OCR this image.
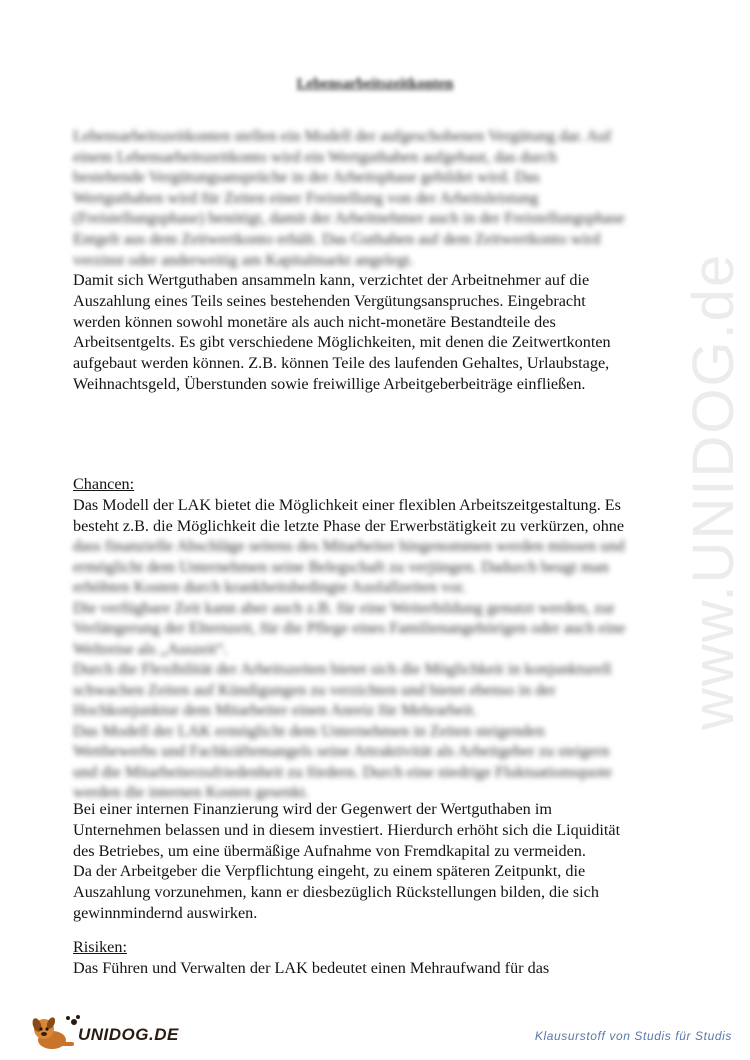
www.UNIDOG.de
Lebensarbeitszeitkonten
Lebensarbeitszeitkonten stellen ein Modell der aufgeschobenen Vergütung dar. Auf
einem Lebensarbeitszeitkonto wird ein Wertguthaben aufgebaut, das durch
bestehende Vergütungsansprüche in der Arbeitsphase gebildet wird. Das
Wertguthaben wird für Zeiten einer Freistellung von der Arbeitsleistung
(Freistellungsphase) benötigt, damit der Arbeitnehmer auch in der Freistellungsphase
Entgelt aus dem Zeitwertkonto erhält. Das Guthaben auf dem Zeitwertkonto wird
verzinst oder anderweitig am Kapitalmarkt angelegt.
Damit sich Wertguthaben ansammeln kann, verzichtet der Arbeitnehmer auf die
Auszahlung eines Teils seines bestehenden Vergütungsanspruches. Eingebracht
werden können sowohl monetäre als auch nicht-monetäre Bestandteile des
Arbeitsentgelts. Es gibt verschiedene Möglichkeiten, mit denen die Zeitwertkonten
aufgebaut werden können. Z.B. können Teile des laufenden Gehaltes, Urlaubstage,
Weihnachtsgeld, Überstunden sowie freiwillige Arbeitgeberbeiträge einfließen.
Chancen:
Das Modell der LAK bietet die Möglichkeit einer flexiblen Arbeitszeitgestaltung. Es
besteht z.B. die Möglichkeit die letzte Phase der Erwerbstätigkeit zu verkürzen, ohne
dass finanzielle Abschläge seitens des Mitarbeiter hingenommen werden müssen und
ermöglicht dem Unternehmen seine Belegschaft zu verjüngen. Dadurch beugt man
erhöhten Kosten durch krankheitsbedingte Ausfallzeiten vor.
Die verfügbare Zeit kann aber auch z.B. für eine Weiterbildung genutzt werden, zur
Verlängerung der Elternzeit, für die Pflege eines Familienangehörigen oder auch eine
Weltreise als „Auszeit“.
Durch die Flexibilität der Arbeitszeiten bietet sich die Möglichkeit in konjunkturell
schwachen Zeiten auf Kündigungen zu verzichten und bietet ebenso in der
Hochkonjunktur dem Mitarbeiter einen Anreiz für Mehrarbeit.
Das Modell der LAK ermöglicht dem Unternehmen in Zeiten steigenden
Wettbewerbs und Fachkräftemangels seine Attraktivität als Arbeitgeber zu steigern
und die Mitarbeiterzufriedenheit zu fördern. Durch eine niedrige Fluktuationsquote
werden die internen Kosten gesenkt.
Bei einer internen Finanzierung wird der Gegenwert der Wertguthaben im
Unternehmen belassen und in diesem investiert. Hierdurch erhöht sich die Liquidität
des Betriebes, um eine übermäßige Aufnahme von Fremdkapital zu vermeiden.
Da der Arbeitgeber die Verpflichtung eingeht, zu einem späteren Zeitpunkt, die
Auszahlung vorzunehmen, kann er diesbezüglich Rückstellungen bilden, die sich
gewinnmindernd auswirken.
Risiken:
Das Führen und Verwalten der LAK bedeutet einen Mehraufwand für das
UNIDOG.DE	Klausurstoff von Studis für Studis
